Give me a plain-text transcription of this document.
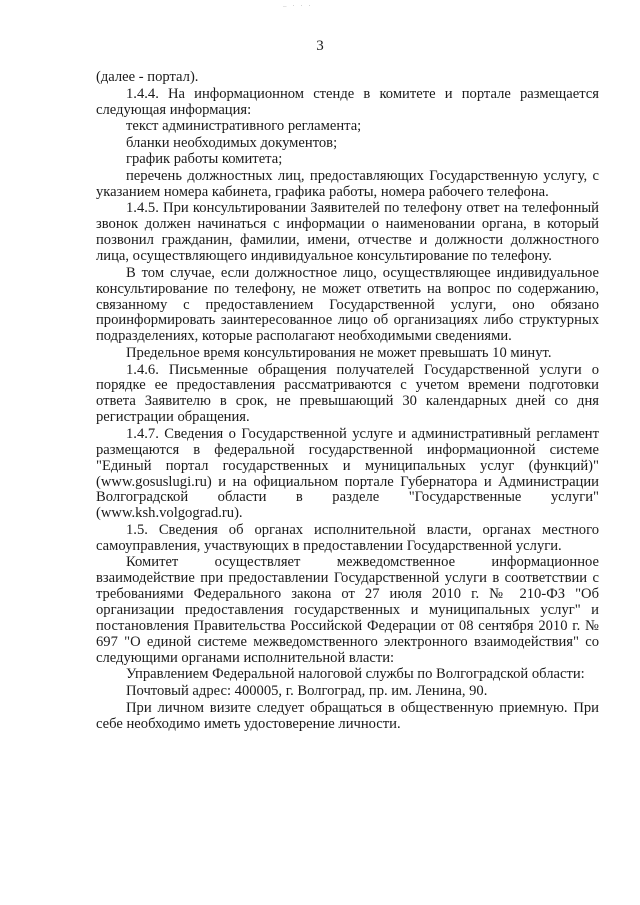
– · · ·
3

(далее - портал).

1.4.4. На информационном стенде в комитете и портале размещается следующая информация:

текст административного регламента;

бланки необходимых документов;

график работы комитета;

перечень должностных лиц, предоставляющих Государственную услугу, с указанием номера кабинета, графика работы, номера рабочего телефона.

1.4.5. При консультировании Заявителей по телефону ответ на телефонный звонок должен начинаться с информации о наименовании органа, в который позвонил гражданин, фамилии, имени, отчестве и должности должностного лица, осуществляющего индивидуальное консультирование по телефону.

В том случае, если должностное лицо, осуществляющее индивидуальное консультирование по телефону, не может ответить на вопрос по содержанию, связанному с предоставлением Государственной услуги, оно обязано проинформировать заинтересованное лицо об организациях либо структурных подразделениях, которые располагают необходимыми сведениями.

Предельное время консультирования не может превышать 10 минут.

1.4.6. Письменные обращения получателей Государственной услуги о порядке ее предоставления рассматриваются с учетом времени подготовки ответа Заявителю в срок, не превышающий 30 календарных дней со дня регистрации обращения.

1.4.7. Сведения о Государственной услуге и административный регламент размещаются в федеральной государственной информационной системе "Единый портал государственных и муниципальных услуг (функций)" (www.gosuslugi.ru) и на официальном портале Губернатора и Администрации Волгоградской области в разделе "Государственные услуги" (www.ksh.volgograd.ru).

1.5. Сведения об органах исполнительной власти, органах местного самоуправления, участвующих в предоставлении Государственной услуги.

Комитет осуществляет межведомственное информационное взаимодействие при предоставлении Государственной услуги в соответствии с требованиями Федерального закона от 27 июля 2010 г. № 210-ФЗ "Об организации предоставления государственных и муниципальных услуг" и постановления Правительства Российской Федерации от 08 сентября 2010 г. № 697 "О единой системе межведомственного электронного взаимодействия" со следующими органами исполнительной власти:

Управлением Федеральной налоговой службы по Волгоградской области:

Почтовый адрес: 400005, г. Волгоград, пр. им. Ленина, 90.

При личном визите следует обращаться в общественную приемную. При себе необходимо иметь удостоверение личности.
